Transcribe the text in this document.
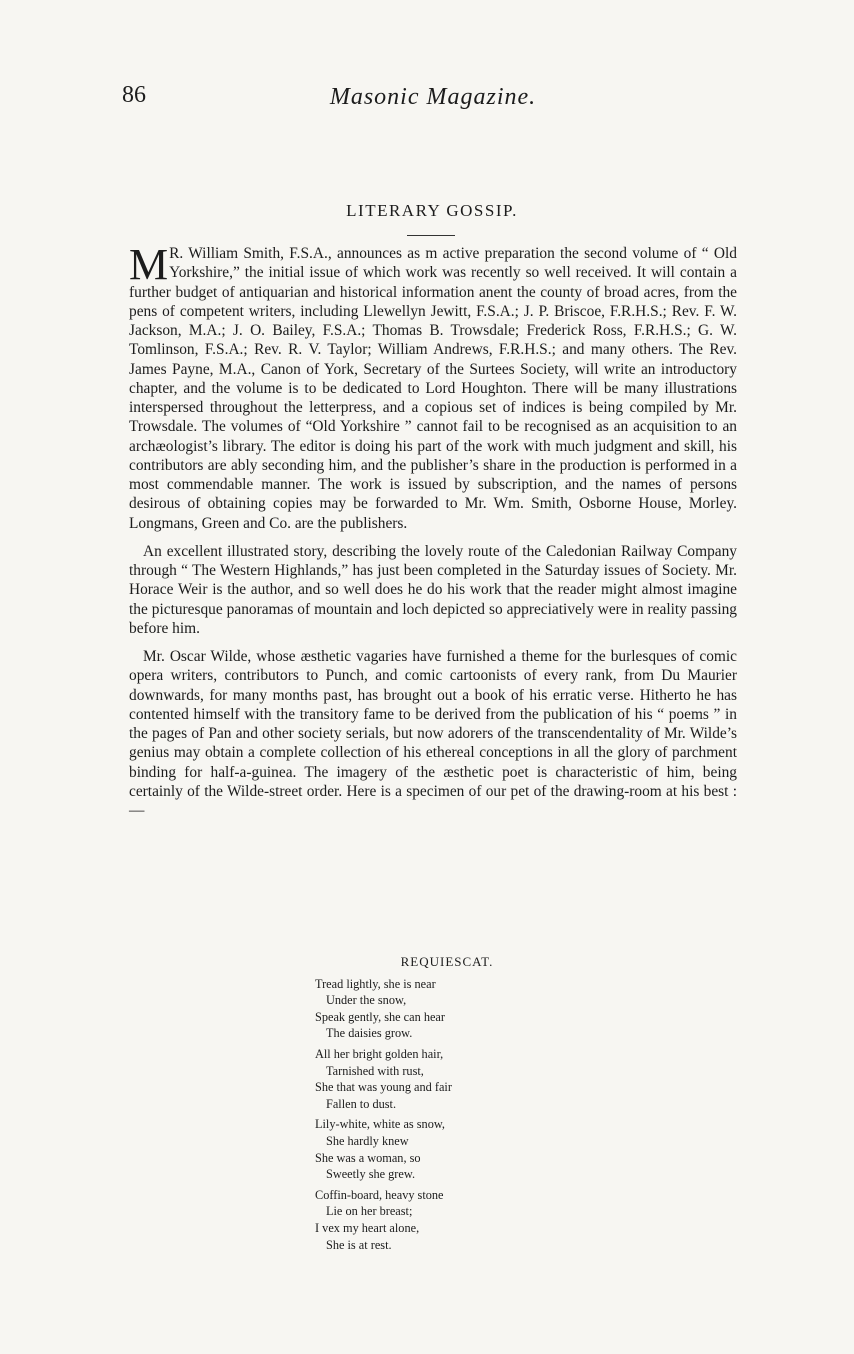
86	Masonic Magazine.
LITERARY GOSSIP.

M R. William Smith, F.S.A., announces as m active preparation the second volume of “ Old Yorkshire,” the initial issue of which work was recently so well received. It will contain a further budget of antiquarian and historical information anent the county of broad acres, from the pens of competent writers, including Llewellyn Jewitt, F.S.A.; J. P. Briscoe, F.R.H.S.; Rev. F. W. Jackson, M.A.; J. O. Bailey, F.S.A.; Thomas B. Trowsdale; Frederick Ross, F.R.H.S.; G. W. Tomlinson, F.S.A.; Rev. R. V. Taylor; William Andrews, F.R.H.S.; and many others. The Rev. James Payne, M.A., Canon of York, Secretary of the Surtees Society, will write an introductory chapter, and the volume is to be dedicated to Lord Houghton. There will be many illustrations interspersed throughout the letterpress, and a copious set of indices is being compiled by Mr. Trowsdale. The volumes of “Old Yorkshire ” cannot fail to be recognised as an acquisition to an archæologist’s library. The editor is doing his part of the work with much judgment and skill, his contributors are ably seconding him, and the publisher’s share in the production is performed in a most commendable manner. The work is issued by subscription, and the names of persons desirous of obtaining copies may be forwarded to Mr. Wm. Smith, Osborne House, Morley. Longmans, Green and Co. are the publishers.

An excellent illustrated story, describing the lovely route of the Caledonian Railway Company through “ The Western Highlands,” has just been completed in the Saturday issues of Society. Mr. Horace Weir is the author, and so well does he do his work that the reader might almost imagine the picturesque panoramas of mountain and loch depicted so appreciatively were in reality passing before him.

Mr. Oscar Wilde, whose æsthetic vagaries have furnished a theme for the burlesques of comic opera writers, contributors to Punch, and comic cartoonists of every rank, from Du Maurier downwards, for many months past, has brought out a book of his erratic verse. Hitherto he has contented himself with the transitory fame to be derived from the publication of his “ poems ” in the pages of Pan and other society serials, but now adorers of the transcendentality of Mr. Wilde’s genius may obtain a complete collection of his ethereal conceptions in all the glory of parchment binding for half-a-guinea. The imagery of the æsthetic poet is characteristic of him, being certainly of the Wilde-street order. Here is a specimen of our pet of the drawing-room at his best :—

REQUIESCAT.
Tread lightly, she is near
Under the snow,
Speak gently, she can hear
The daisies grow.
All her bright golden hair,
Tarnished with rust,
She that was young and fair
Fallen to dust.
Lily-white, white as snow,
She hardly knew
She was a woman, so
Sweetly she grew.
Coffin-board, heavy stone
Lie on her breast;
I vex my heart alone,
She is at rest.
